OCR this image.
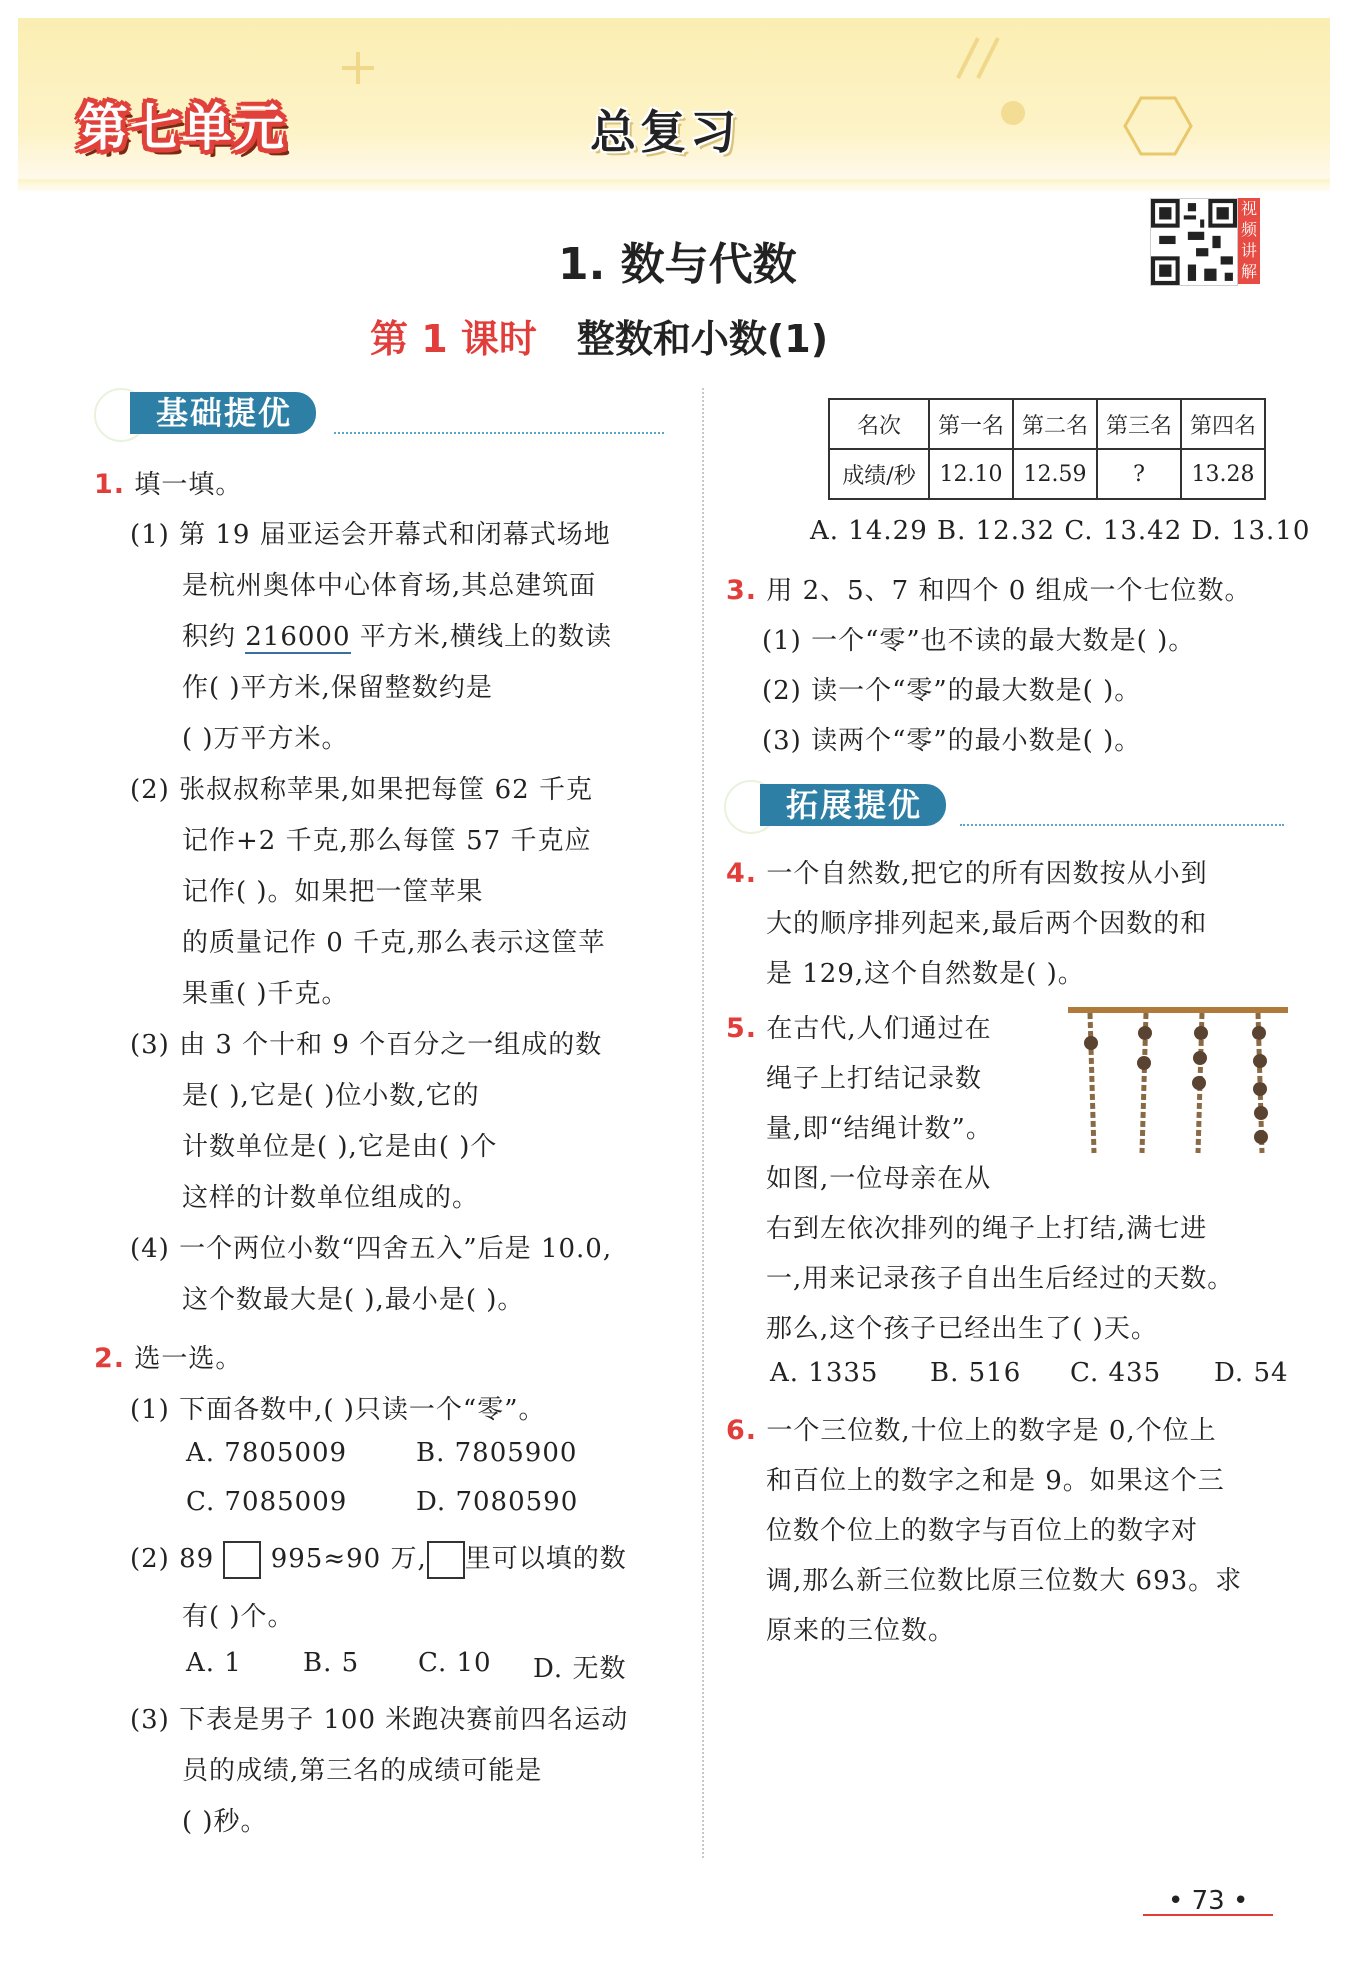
第七单元	总复习
视频讲解
1. 数与代数
第 1 课时 整数和小数(1)
基础提优
1. 填一填。
(1) 第 19 届亚运会开幕式和闭幕式场地
是杭州奥体中心体育场,其总建筑面
积约 216000 平方米,横线上的数读
作( )平方米,保留整数约是
( )万平方米。
(2) 张叔叔称苹果,如果把每筐 62 千克
记作+2 千克,那么每筐 57 千克应
记作( )。如果把一筐苹果
的质量记作 0 千克,那么表示这筐苹
果重( )千克。
(3) 由 3 个十和 9 个百分之一组成的数
是( ),它是( )位小数,它的
计数单位是( ),它是由( )个
这样的计数单位组成的。
(4) 一个两位小数“四舍五入”后是 10.0,
这个数最大是( ),最小是( )。
2. 选一选。
(1) 下面各数中,( )只读一个“零”。
A. 7805009	B. 7805900
C. 7085009	D. 7080590
(2) 89 995≈90 万, 里可以填的数
有( )个。
A. 1 B. 5 C. 10 D. 无数
(3) 下表是男子 100 米跑决赛前四名运动
员的成绩,第三名的成绩可能是
( )秒。
名次	第一名	第二名	第三名	第四名
成绩/秒	12.10	12.59	?	13.28
A. 14.29 B. 12.32 C. 13.42 D. 13.10
3. 用 2、5、7 和四个 0 组成一个七位数。
(1) 一个“零”也不读的最大数是( )。
(2) 读一个“零”的最大数是( )。
(3) 读两个“零”的最小数是( )。
拓展提优
4. 一个自然数,把它的所有因数按从小到
大的顺序排列起来,最后两个因数的和
是 129,这个自然数是( )。
5. 在古代,人们通过在
绳子上打结记录数
量,即“结绳计数”。
如图,一位母亲在从
右到左依次排列的绳子上打结,满七进
一,用来记录孩子自出生后经过的天数。
那么,这个孩子已经出生了( )天。
A. 1335 B. 516 C. 435 D. 54
6. 一个三位数,十位上的数字是 0,个位上
和百位上的数字之和是 9。如果这个三
位数个位上的数字与百位上的数字对
调,那么新三位数比原三位数大 693。求
原来的三位数。
• 73 •
